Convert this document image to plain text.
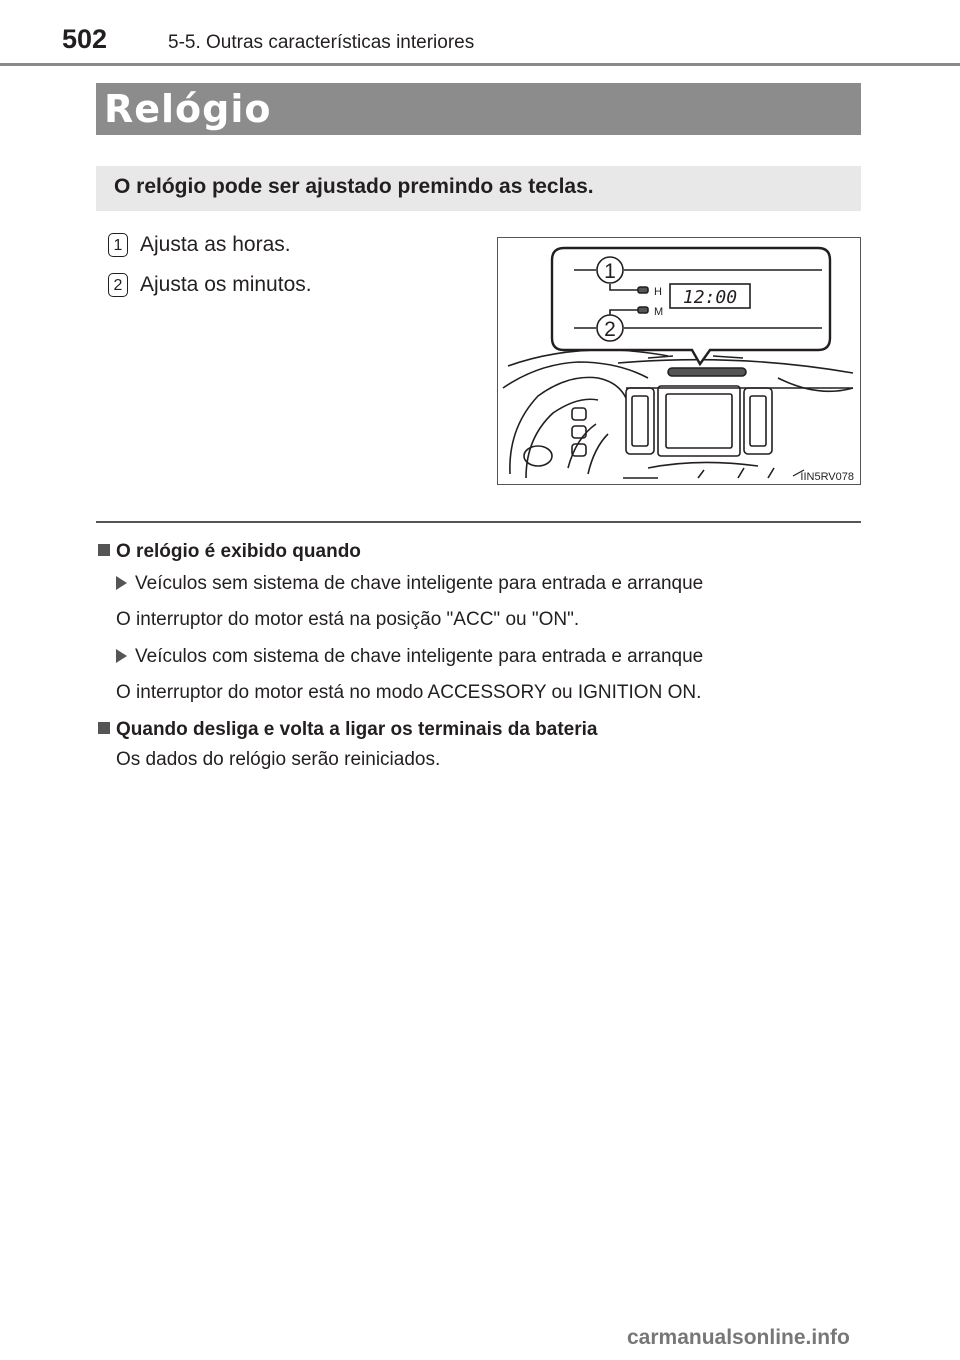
502	5-5. Outras características interiores
Relógio
O relógio pode ser ajustado premindo as teclas.
1 Ajusta as horas.
2 Ajusta os minutos.
1
2
H
M
12:00
IIN5RV078
O relógio é exibido quando
Veículos sem sistema de chave inteligente para entrada e arranque
O interruptor do motor está na posição "ACC" ou "ON".
Veículos com sistema de chave inteligente para entrada e arranque
O interruptor do motor está no modo ACCESSORY ou IGNITION ON.
Quando desliga e volta a ligar os terminais da bateria
Os dados do relógio serão reiniciados.
carmanualsonline.info
